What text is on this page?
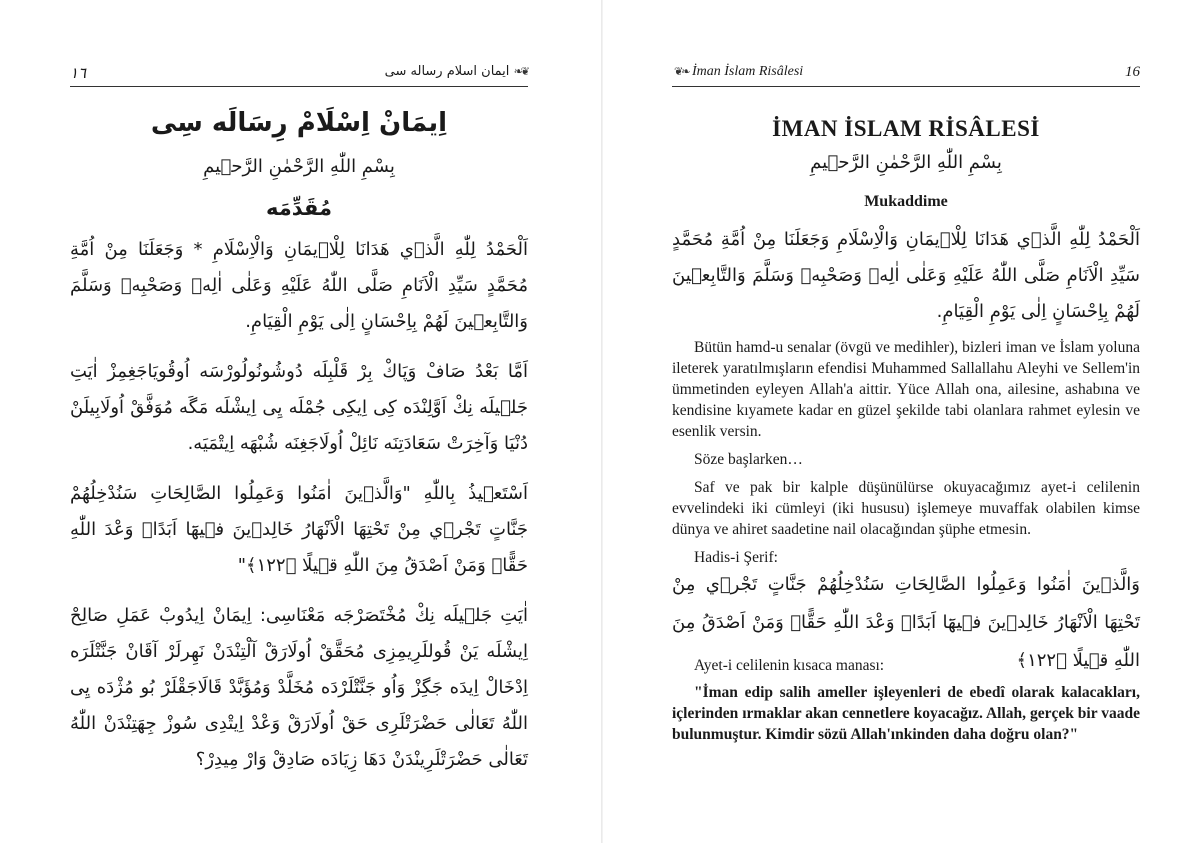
١٦	❦❧ ایمان اسلام رساله سی
اِيمَانْ اِسْلَامْ رِسَالَه سِى
بِسْمِ اللّٰهِ الرَّحْمٰنِ الرَّح۪يمِ
مُقَدِّمَه

اَلْحَمْدُ لِلّٰهِ الَّذ۪ي هَدَانَا لِلْا۪يمَانِ وَالْاِسْلَامِ * وَجَعَلَنَا مِنْ اُمَّةِ مُحَمَّدٍ سَيِّدِ الْاَنَامِ صَلَّى اللّٰهُ عَلَيْهِ وَعَلٰى اٰلِه۪ وَصَحْبِه۪ وَسَلَّمَ وَالتَّابِع۪ينَ لَهُمْ بِاِحْسَانٍ اِلٰى يَوْمِ الْقِيَامِ.

اَمَّا بَعْدُ صَافْ وَپَاكْ بِرْ قَلْبِلَه دُوشُونُولُورْسَه اُوقُويَاجَغِمِزْ اٰيَتِ جَل۪يلَه نِكْ اَوَّلِنْدَه كِى اِيكِى جُمْلَه يِى اِيشْلَه مَگَه مُوَفَّقْ اُولَابِيلَنْ دُنْيَا وَآخِرَتْ سَعَادَتِنَه نَائِلْ اُولَاجَغِنَه شُبْهَه اِيتْمَيَه.

اَسْتَع۪يذُ بِاللّٰهِ "وَالَّذ۪ينَ اٰمَنُوا وَعَمِلُوا الصَّالِحَاتِ سَنُدْخِلُهُمْ جَنَّاتٍ تَجْر۪ي مِنْ تَحْتِهَا الْاَنْهَارُ خَالِد۪ينَ ف۪يهَٓا اَبَدًاۜ وَعْدَ اللّٰهِ حَقًّاۜ وَمَنْ اَصْدَقُ مِنَ اللّٰهِ ق۪يلًا ﴿١٢٢﴾"

اٰيَتِ جَل۪يلَه نِكْ مُخْتَصَرْجَه مَعْنَاسِى: اِيمَانْ اِيدُوبْ عَمَلِ صَالِحْ اِيشْلَه يَنْ قُوللَرِيمِزِى مُحَقَّقْ اُولَارَقْ آلْتِنْدَنْ نَهِرلَرْ آقَانْ جَنَّتْلَرَه اِدْخَالْ اِيدَه جَگِزْ وَاُو جَنَّتْلَرْدَه مُخَلَّدْ وَمُؤَبَّدْ قَالَاجَقْلَرْ بُو مُژْدَه يِى اللّٰهُ تَعَالٰى حَضْرَتْلَرِى حَقْ اُولَارَقْ وَعْدْ اِيتْدِى سُوزْ جِهَتِنْدَنْ اللّٰهُ تَعَالٰى حَضْرَتْلَرِينْدَنْ دَهَا زِيَادَه صَادِقْ وَارْ مِيدِرْ؟

❦❧ İman İslam Risâlesi	16
İMAN İSLAM RİSÂLESİ
بِسْمِ اللّٰهِ الرَّحْمٰنِ الرَّح۪يمِ
Mukaddime

اَلْحَمْدُ لِلّٰهِ الَّذ۪ي هَدَانَا لِلْا۪يمَانِ وَالْاِسْلَامِ وَجَعَلَنَا مِنْ اُمَّةِ مُحَمَّدٍ سَيِّدِ الْاَنَامِ صَلَّى اللّٰهُ عَلَيْهِ وَعَلٰى اٰلِه۪ وَصَحْبِه۪ وَسَلَّمَ وَالتَّابِع۪ينَ لَهُمْ بِاِحْسَانٍ اِلٰى يَوْمِ الْقِيَامِ.

Bütün hamd-u senalar (övgü ve medihler), bizleri iman ve İslam yoluna ileterek yaratılmışların efendisi Muhammed Sallallahu Aleyhi ve Sellem'in ümmetinden eyleyen Allah'a aittir. Yüce Allah ona, ailesine, ashabına ve kendisine kıyamete kadar en güzel şekilde tabi olanlara rahmet eylesin ve esenlik versin.

Söze başlarken…

Saf ve pak bir kalple düşünülürse okuyacağımız ayet-i celilenin evvelindeki iki cümleyi (iki hususu) işlemeye muvaffak olabilen kimse dünya ve ahiret saadetine nail olacağından şüphe etmesin.

Hadis-i Şerif:

وَالَّذ۪ينَ اٰمَنُوا وَعَمِلُوا الصَّالِحَاتِ سَنُدْخِلُهُمْ جَنَّاتٍ تَجْر۪ي مِنْ تَحْتِهَا الْاَنْهَارُ خَالِد۪ينَ ف۪يهَٓا اَبَدًاۜ وَعْدَ اللّٰهِ حَقًّاۜ وَمَنْ اَصْدَقُ مِنَ اللّٰهِ ق۪يلًا ﴿١٢٢﴾

Ayet-i celilenin kısaca manası:

"İman edip salih ameller işleyenleri de ebedî olarak kalacakları, içlerinden ırmaklar akan cennetlere koyacağız. Allah, gerçek bir vaade bulunmuştur. Kimdir sözü Allah'ınkinden daha doğru olan?"
